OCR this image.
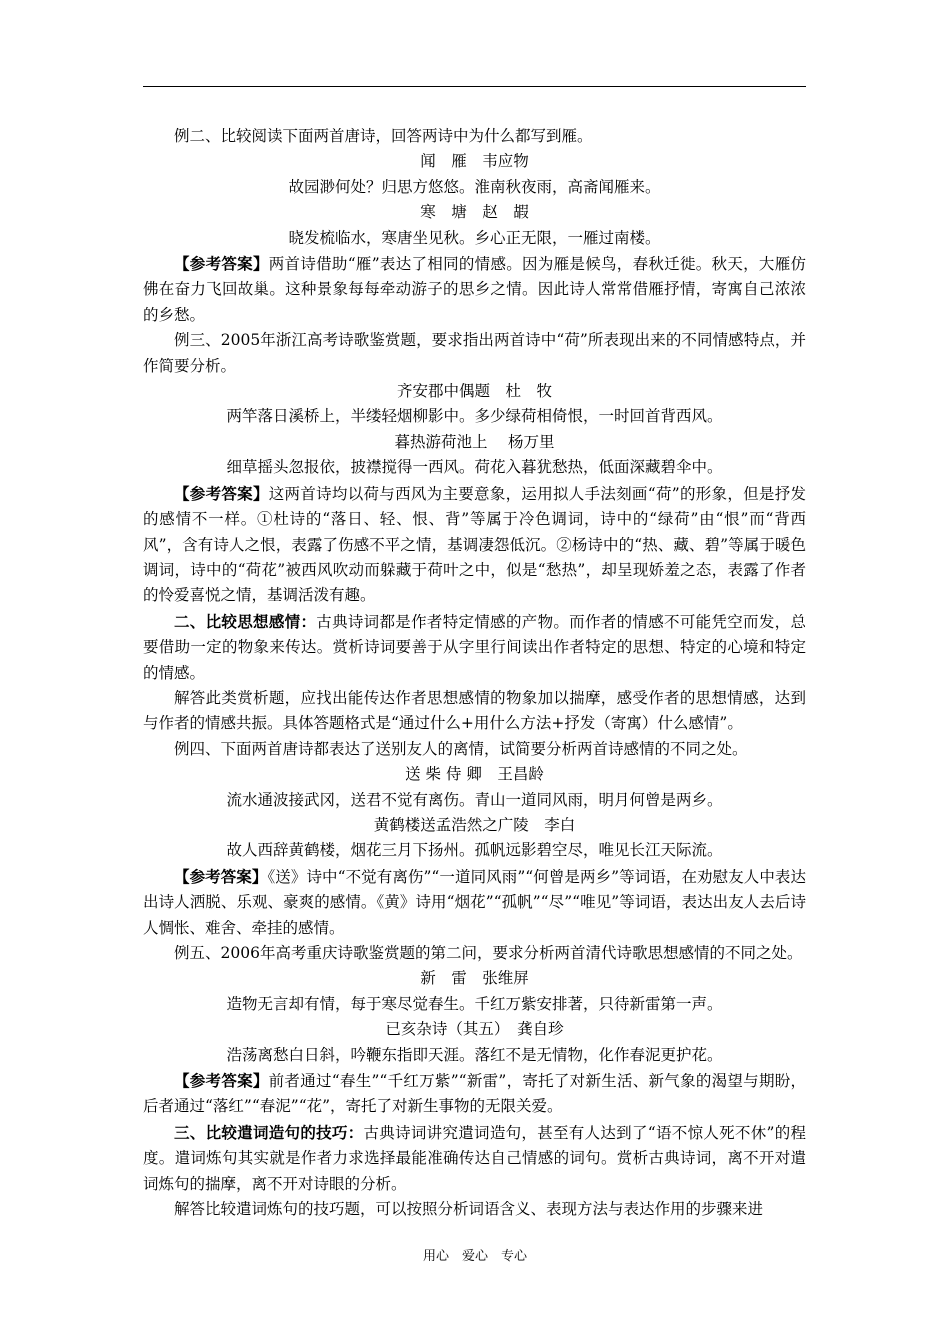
例二、比较阅读下面两首唐诗，回答两诗中为什么都写到雁。

闻　雁　韦应物

故园渺何处？归思方悠悠。淮南秋夜雨，高斋闻雁来。

寒　塘　赵　嘏

晓发梳临水，寒唐坐见秋。乡心正无限，一雁过南楼。

【参考答案】两首诗借助“雁”表达了相同的情感。因为雁是候鸟，春秋迁徙。秋天，大雁仿佛在奋力飞回故巢。这种景象每每牵动游子的思乡之情。因此诗人常常借雁抒情，寄寓自己浓浓的乡愁。

例三、2005年浙江高考诗歌鉴赏题，要求指出两首诗中“荷”所表现出来的不同情感特点，并作简要分析。

齐安郡中偶题　杜　牧

两竿落日溪桥上，半缕轻烟柳影中。多少绿荷相倚恨，一时回首背西风。

暮热游荷池上　 杨万里

细草摇头忽报依，披襟搅得一西风。荷花入暮犹愁热，低面深藏碧伞中。

【参考答案】这两首诗均以荷与西风为主要意象，运用拟人手法刻画“荷”的形象，但是抒发的感情不一样。①杜诗的“落日、轻、恨、背”等属于冷色调词，诗中的“绿荷”由“恨”而“背西风”，含有诗人之恨，表露了伤感不平之情，基调凄怨低沉。②杨诗中的“热、藏、碧”等属于暖色调词，诗中的“荷花”被西风吹动而躲藏于荷叶之中，似是“愁热”，却呈现娇羞之态，表露了作者的怜爱喜悦之情，基调活泼有趣。

二、比较思想感情：古典诗词都是作者特定情感的产物。而作者的情感不可能凭空而发，总要借助一定的物象来传达。赏析诗词要善于从字里行间读出作者特定的思想、特定的心境和特定的情感。

解答此类赏析题，应找出能传达作者思想感情的物象加以揣摩，感受作者的思想情感，达到与作者的情感共振。具体答题格式是“通过什么+用什么方法+抒发（寄寓）什么感情”。

例四、下面两首唐诗都表达了送别友人的离情，试简要分析两首诗感情的不同之处。

送 柴 侍 卿　王昌龄

流水通波接武冈，送君不觉有离伤。青山一道同风雨，明月何曾是两乡。

黄鹤楼送孟浩然之广陵　李白

故人西辞黄鹤楼，烟花三月下扬州。孤帆远影碧空尽，唯见长江天际流。

【参考答案】《送》诗中“不觉有离伤”“一道同风雨”“何曾是两乡”等词语，在劝慰友人中表达出诗人洒脱、乐观、豪爽的感情。《黄》诗用“烟花”“孤帆”“尽”“唯见”等词语，表达出友人去后诗人惆怅、难舍、牵挂的感情。

例五、2006年高考重庆诗歌鉴赏题的第二问，要求分析两首清代诗歌思想感情的不同之处。

新　雷　张维屏

造物无言却有情，每于寒尽觉春生。千红万紫安排著，只待新雷第一声。

已亥杂诗（其五）　龚自珍

浩荡离愁白日斜，吟鞭东指即天涯。落红不是无情物，化作春泥更护花。

【参考答案】前者通过“春生”“千红万紫”“新雷”，寄托了对新生活、新气象的渴望与期盼，后者通过“落红”“春泥”“花”，寄托了对新生事物的无限关爱。

三、比较遣词造句的技巧：古典诗词讲究遣词造句，甚至有人达到了“语不惊人死不休”的程度。遣词炼句其实就是作者力求选择最能准确传达自己情感的词句。赏析古典诗词，离不开对遣词炼句的揣摩，离不开对诗眼的分析。

解答比较遣词炼句的技巧题，可以按照分析词语含义、表现方法与表达作用的步骤来进

用心　爱心　专心
